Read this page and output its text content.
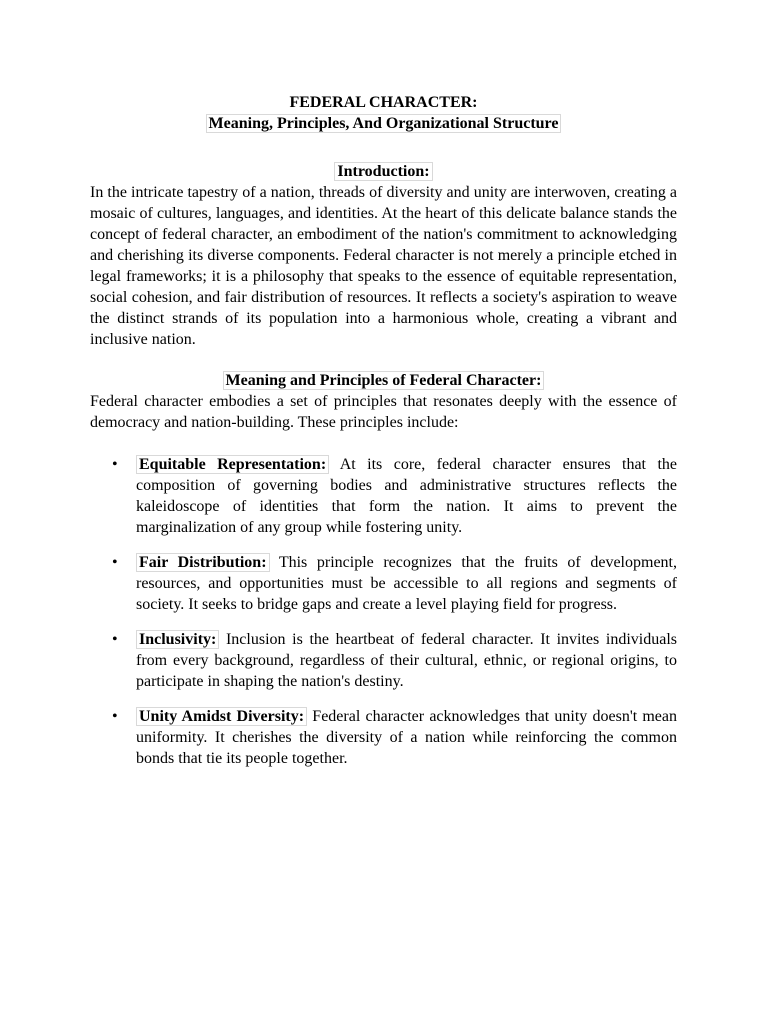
FEDERAL CHARACTER:
Meaning, Principles, And Organizational Structure
Introduction:

In the intricate tapestry of a nation, threads of diversity and unity are interwoven, creating a mosaic of cultures, languages, and identities. At the heart of this delicate balance stands the concept of federal character, an embodiment of the nation's commitment to acknowledging and cherishing its diverse components. Federal character is not merely a principle etched in legal frameworks; it is a philosophy that speaks to the essence of equitable representation, social cohesion, and fair distribution of resources. It reflects a society's aspiration to weave the distinct strands of its population into a harmonious whole, creating a vibrant and inclusive nation.

Meaning and Principles of Federal Character:

Federal character embodies a set of principles that resonates deeply with the essence of democracy and nation-building. These principles include:

• Equitable Representation: At its core, federal character ensures that the composition of governing bodies and administrative structures reflects the kaleidoscope of identities that form the nation. It aims to prevent the marginalization of any group while fostering unity.
• Fair Distribution: This principle recognizes that the fruits of development, resources, and opportunities must be accessible to all regions and segments of society. It seeks to bridge gaps and create a level playing field for progress.
• Inclusivity: Inclusion is the heartbeat of federal character. It invites individuals from every background, regardless of their cultural, ethnic, or regional origins, to participate in shaping the nation's destiny.
• Unity Amidst Diversity: Federal character acknowledges that unity doesn't mean uniformity. It cherishes the diversity of a nation while reinforcing the common bonds that tie its people together.
